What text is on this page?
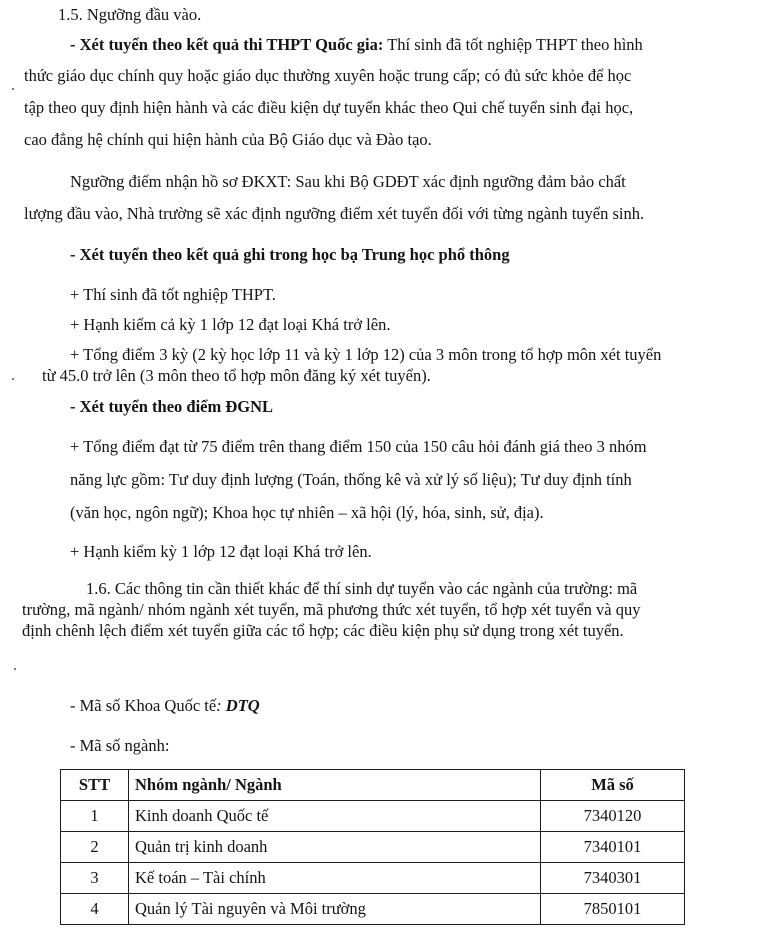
1.5. Ngưỡng đầu vào.
- Xét tuyển theo kết quả thi THPT Quốc gia: Thí sinh đã tốt nghiệp THPT theo hình
thức giáo dục chính quy hoặc giáo dục thường xuyên hoặc trung cấp; có đủ sức khỏe để học
tập theo quy định hiện hành và các điều kiện dự tuyển khác theo Qui chế tuyển sinh đại học,
cao đẳng hệ chính qui hiện hành của Bộ Giáo dục và Đào tạo.
Ngưỡng điểm nhận hồ sơ ĐKXT: Sau khi Bộ GDĐT xác định ngưỡng đảm bảo chất
lượng đầu vào, Nhà trường sẽ xác định ngưỡng điểm xét tuyển đối với từng ngành tuyển sinh.
- Xét tuyển theo kết quả ghi trong học bạ Trung học phổ thông
+ Thí sinh đã tốt nghiệp THPT.
+ Hạnh kiểm cả kỳ 1 lớp 12 đạt loại Khá trở lên.
+ Tổng điểm 3 kỳ (2 kỳ học lớp 11 và kỳ 1 lớp 12) của 3 môn trong tổ hợp môn xét tuyển
từ 45.0 trở lên (3 môn theo tổ hợp môn đăng ký xét tuyển).
- Xét tuyển theo điểm ĐGNL
+ Tổng điểm đạt từ 75 điểm trên thang điểm 150 của 150 câu hỏi đánh giá theo 3 nhóm
năng lực gồm: Tư duy định lượng (Toán, thống kê và xử lý số liệu); Tư duy định tính
(văn học, ngôn ngữ); Khoa học tự nhiên – xã hội (lý, hóa, sinh, sử, địa).
+ Hạnh kiểm kỳ 1 lớp 12 đạt loại Khá trở lên.
1.6. Các thông tin cần thiết khác để thí sinh dự tuyển vào các ngành của trường: mã
trường, mã ngành/ nhóm ngành xét tuyển, mã phương thức xét tuyển, tổ hợp xét tuyển và quy
định chênh lệch điểm xét tuyển giữa các tổ hợp; các điều kiện phụ sử dụng trong xét tuyển.
- Mã số Khoa Quốc tế: DTQ
- Mã số ngành:
STT	Nhóm ngành/ Ngành	Mã số
1	Kinh doanh Quốc tế	7340120
2	Quản trị kinh doanh	7340101
3	Kế toán – Tài chính	7340301
4	Quản lý Tài nguyên và Môi trường	7850101
